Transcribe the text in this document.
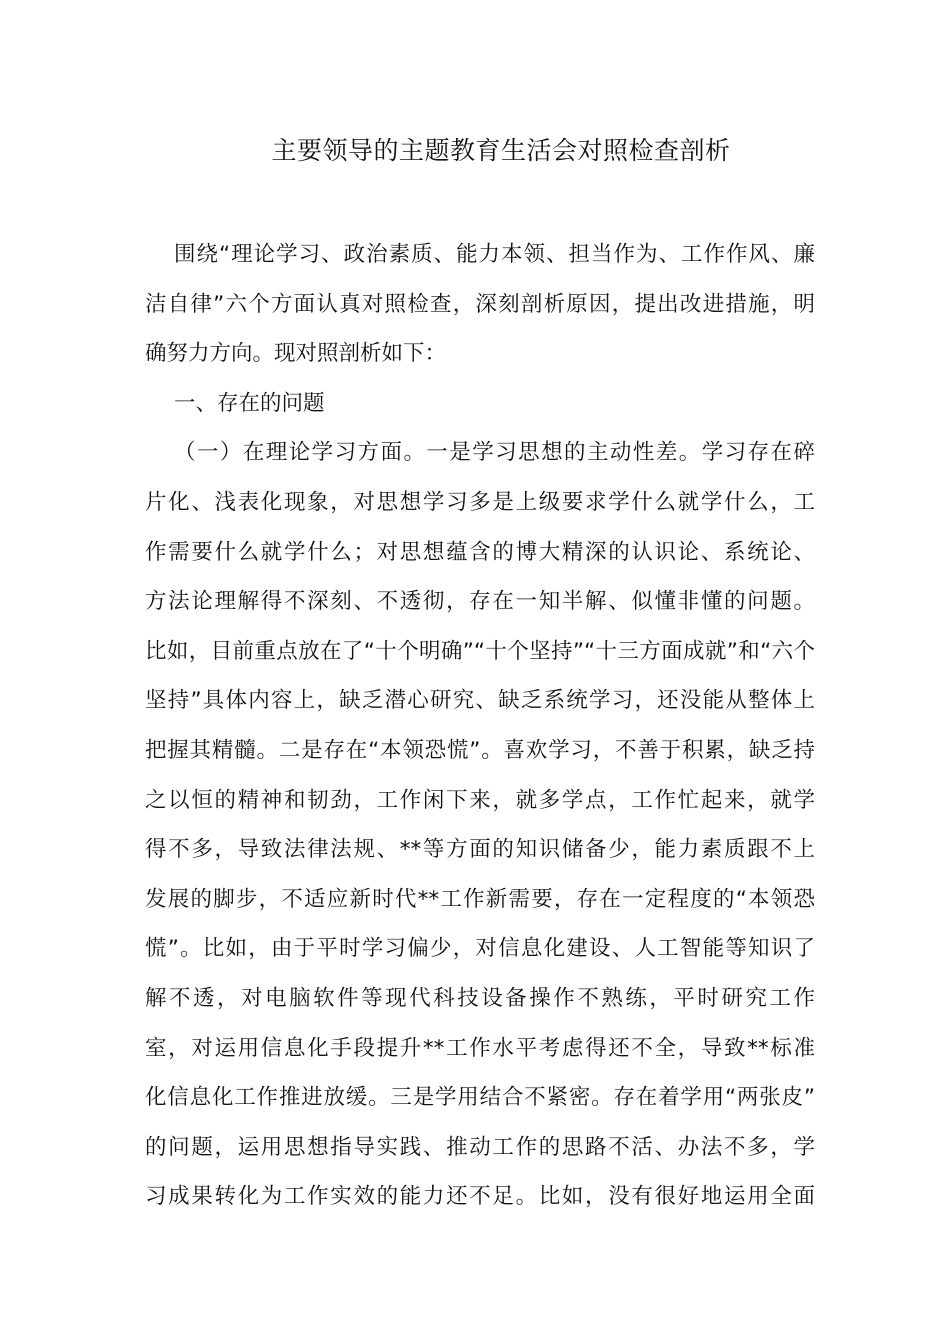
主要领导的主题教育生活会对照检查剖析
围绕“理论学习、政治素质、能力本领、担当作为、工作作风、廉
洁自律”六个方面认真对照检查，深刻剖析原因，提出改进措施，明
确努力方向。现对照剖析如下：
一、存在的问题
（一）在理论学习方面。一是学习思想的主动性差。学习存在碎
片化、浅表化现象，对思想学习多是上级要求学什么就学什么，工
作需要什么就学什么；对思想蕴含的博大精深的认识论、系统论、
方法论理解得不深刻、不透彻，存在一知半解、似懂非懂的问题。
比如，目前重点放在了“十个明确”“十个坚持”“十三方面成就”和“六个
坚持”具体内容上，缺乏潜心研究、缺乏系统学习，还没能从整体上
把握其精髓。二是存在“本领恐慌”。喜欢学习，不善于积累，缺乏持
之以恒的精神和韧劲，工作闲下来，就多学点，工作忙起来，就学
得不多，导致法律法规、**等方面的知识储备少，能力素质跟不上
发展的脚步，不适应新时代**工作新需要，存在一定程度的“本领恐
慌”。比如，由于平时学习偏少，对信息化建设、人工智能等知识了
解不透，对电脑软件等现代科技设备操作不熟练，平时研究工作
室，对运用信息化手段提升**工作水平考虑得还不全，导致**标准
化信息化工作推进放缓。三是学用结合不紧密。存在着学用“两张皮”
的问题，运用思想指导实践、推动工作的思路不活、办法不多，学
习成果转化为工作实效的能力还不足。比如，没有很好地运用全面
